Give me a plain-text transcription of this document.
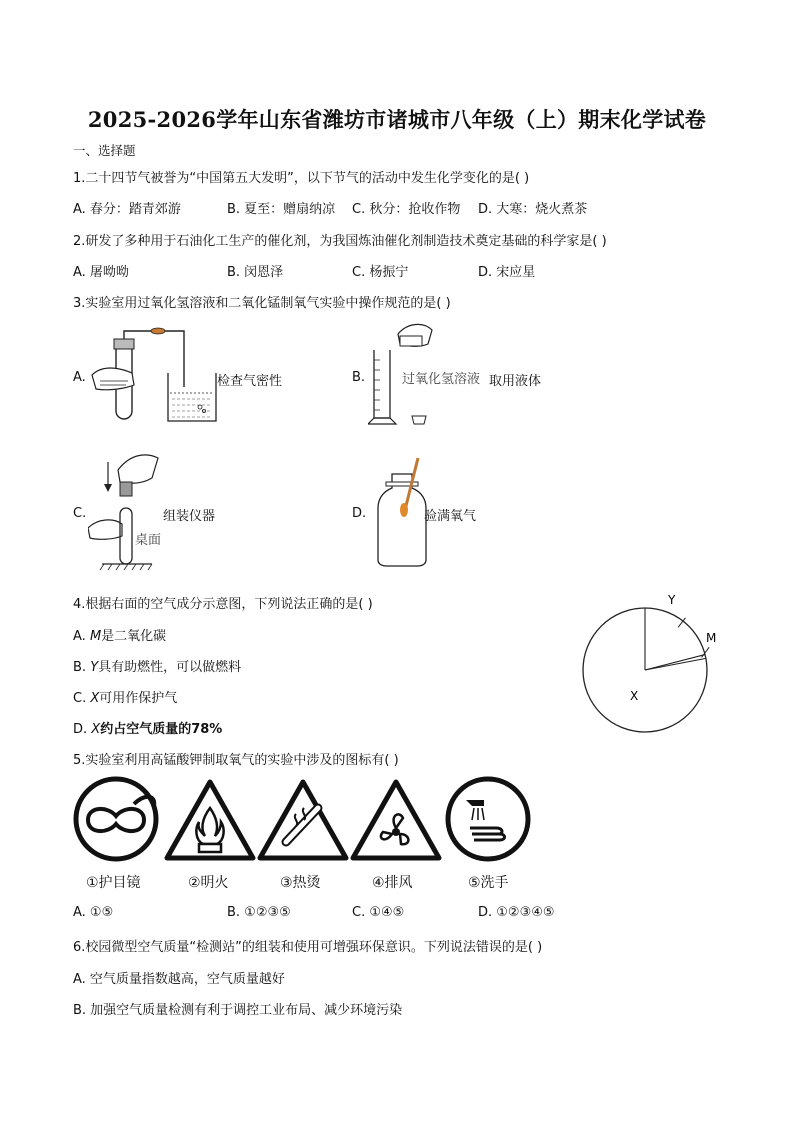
2025-2026学年山东省潍坊市诸城市八年级（上）期末化学试卷
一、选择题
1.二十四节气被誉为“中国第五大发明”，以下节气的活动中发生化学变化的是( )
A. 春分：踏青郊游	B. 夏至：赠扇纳凉 C. 秋分：抢收作物 D. 大寒：烧火煮茶
2.研发了多种用于石油化工生产的催化剂，为我国炼油催化剂制造技术奠定基础的科学家是( )
A. 屠呦呦	B. 闵恩泽	C. 杨振宁	D. 宋应星
3.实验室用过氧化氢溶液和二氧化锰制氧气实验中操作规范的是( )
A.	检查气密性	B.	过氧化氢溶液 取用液体
C.
桌面
组装仪器	D.	验满氧气
4.根据右面的空气成分示意图，下列说法正确的是( )
A. M是二氧化碳
B. Y具有助燃性，可以做燃料
C. X可用作保护气
D. X约占空气质量的78%
Y
M
X
5.实验室利用高锰酸钾制取氧气的实验中涉及的图标有( )
①护目镜	②明火	③热烫	④排风	⑤洗手
A. ①⑤	B. ①②③⑤	C. ①④⑤	D. ①②③④⑤
6.校园微型空气质量“检测站”的组装和使用可增强环保意识。下列说法错误的是( )
A. 空气质量指数越高，空气质量越好
B. 加强空气质量检测有利于调控工业布局、减少环境污染
